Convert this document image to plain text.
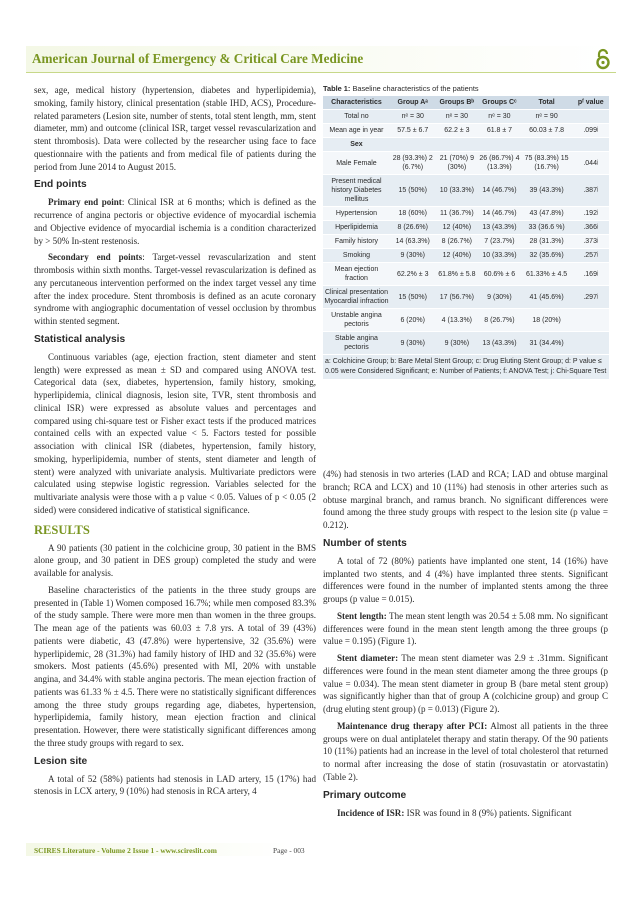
American Journal of Emergency & Critical Care Medicine

sex, age, medical history (hypertension, diabetes and hyperlipidemia), smoking, family history, clinical presentation (stable IHD, ACS), Procedure-related parameters (Lesion site, number of stents, total stent length, mm, stent diameter, mm) and outcome (clinical ISR, target vessel revascularization and stent thrombosis). Data were collected by the researcher using face to face questionnaire with the patients and from medical file of patients during the period from June 2014 to August 2015.

End points

Primary end point: Clinical ISR at 6 months; which is defined as the recurrence of angina pectoris or objective evidence of myocardial ischemia and Objective evidence of myocardial ischemia is a condition characterized by > 50% In-stent restenosis.

Secondary end points: Target-vessel revascularization and stent thrombosis within sixth months. Target-vessel revascularization is defined as any percutaneous intervention performed on the index target vessel any time after the index procedure. Stent thrombosis is defined as an acute coronary syndrome with angiographic documentation of vessel occlusion by thrombus within stented segment.

Statistical analysis

Continuous variables (age, ejection fraction, stent diameter and stent length) were expressed as mean ± SD and compared using ANOVA test. Categorical data (sex, diabetes, hypertension, family history, smoking, hyperlipidemia, clinical diagnosis, lesion site, TVR, stent thrombosis and clinical ISR) were expressed as absolute values and percentages and compared using chi-square test or Fisher exact tests if the produced matrices contained cells with an expected value < 5. Factors tested for possible association with clinical ISR (diabetes, hypertension, family history, smoking, hyperlipidemia, number of stents, stent diameter and length of stent) were analyzed with univariate analysis. Multivariate predictors were calculated using stepwise logistic regression. Variables selected for the multivariate analysis were those with a p value < 0.05. Values of p < 0.05 (2 sided) were considered indicative of statistical significance.

RESULTS

A 90 patients (30 patient in the colchicine group, 30 patient in the BMS alone group, and 30 patient in DES group) completed the study and were available for analysis.

Baseline characteristics of the patients in the three study groups are presented in (Table 1) Women composed 16.7%; while men composed 83.3% of the study sample. There were more men than women in the three groups. The mean age of the patients was 60.03 ± 7.8 yrs. A total of 39 (43%) patients were diabetic, 43 (47.8%) were hypertensive, 32 (35.6%) were hyperlipidemic, 28 (31.3%) had family history of IHD and 32 (35.6%) were smokers. Most patients (45.6%) presented with MI, 20% with unstable angina, and 34.4% with stable angina pectoris. The mean ejection fraction of patients was 61.33 % ± 4.5. There were no statistically significant differences among the three study groups regarding age, diabetes, hypertension, hyperlipidemia, family history, mean ejection fraction and clinical presentation. However, there were statistically significant differences among the three study groups with regard to sex.

Lesion site

A total of 52 (58%) patients had stenosis in LAD artery, 15 (17%) had stenosis in LCX artery, 9 (10%) had stenosis in RCA artery, 4

Table 1: Baseline characteristics of the patients
Characteristics	Group Aᵃ	Groups Bᵇ	Groups Cᶜ	Total	pᶠ value
Total no	nᵉ = 30	nᵉ = 30	nᵉ = 30	nᵉ = 90	
Mean age in year	57.5 ± 6.7	62.2 ± 3	61.8 ± 7	60.03 ± 7.8	.099ʲ
Sex					
Male Female	28 (93.3%) 2 (6.7%)	21 (70%) 9 (30%)	26 (86.7%) 4 (13.3%)	75 (83.3%) 15 (16.7%)	.044ʲ
Present medical history Diabetes mellitus	15 (50%)	10 (33.3%)	14 (46.7%)	39 (43.3%)	.387ʲ
Hypertension	18 (60%)	11 (36.7%)	14 (46.7%)	43 (47.8%)	.192ʲ
Hperlipidemia	8 (26.6%)	12 (40%)	13 (43.3%)	33 (36.6 %)	.366ʲ
Family history	14 (63.3%)	8 (26.7%)	7 (23.7%)	28 (31.3%)	.373ʲ
Smoking	9 (30%)	12 (40%)	10 (33.3%)	32 (35.6%)	.257ʲ
Mean ejection fraction	62.2% ± 3	61.8% ± 5.8	60.6% ± 6	61.33% ± 4.5	.169ʲ
Clinical presentation Myocardial infraction	15 (50%)	17 (56.7%)	9 (30%)	41 (45.6%)	.297ʲ
Unstable angina pectoris	6 (20%)	4 (13.3%)	8 (26.7%)	18 (20%)	
Stable angina pectoris	9 (30%)	9 (30%)	13 (43.3%)	31 (34.4%)	
a: Colchicine Group; b: Bare Metal Stent Group; c: Drug Eluting Stent Group; d: P value ≤ 0.05 were Considered Significant; e: Number of Patients; f: ANOVA Test; j: Chi-Square Test

(4%) had stenosis in two arteries (LAD and RCA; LAD and obtuse marginal branch; RCA and LCX) and 10 (11%) had stenosis in other arteries such as obtuse marginal branch, and ramus branch. No significant differences were found among the three study groups with respect to the lesion site (p value = 0.212).

Number of stents

A total of 72 (80%) patients have implanted one stent, 14 (16%) have implanted two stents, and 4 (4%) have implanted three stents. Significant differences were found in the number of implanted stents among the three groups (p value = 0.015).

Stent length: The mean stent length was 20.54 ± 5.08 mm. No significant differences were found in the mean stent length among the three groups (p value = 0.195) (Figure 1).

Stent diameter: The mean stent diameter was 2.9 ± .31mm. Significant differences were found in the mean stent diameter among the three groups (p value = 0.034). The mean stent diameter in group B (bare metal stent group) was significantly higher than that of group A (colchicine group) and group C (drug eluting stent group) (p = 0.013) (Figure 2).

Maintenance drug therapy after PCI: Almost all patients in the three groups were on dual antiplatelet therapy and statin therapy. Of the 90 patients 10 (11%) patients had an increase in the level of total cholesterol that returned to normal after increasing the dose of statin (rosuvastatin or atorvastatin) (Table 2).

Primary outcome

Incidence of ISR: ISR was found in 8 (9%) patients. Significant

SCIRES Literature - Volume 2 Issue 1 - www.scireslit.com	Page - 003
